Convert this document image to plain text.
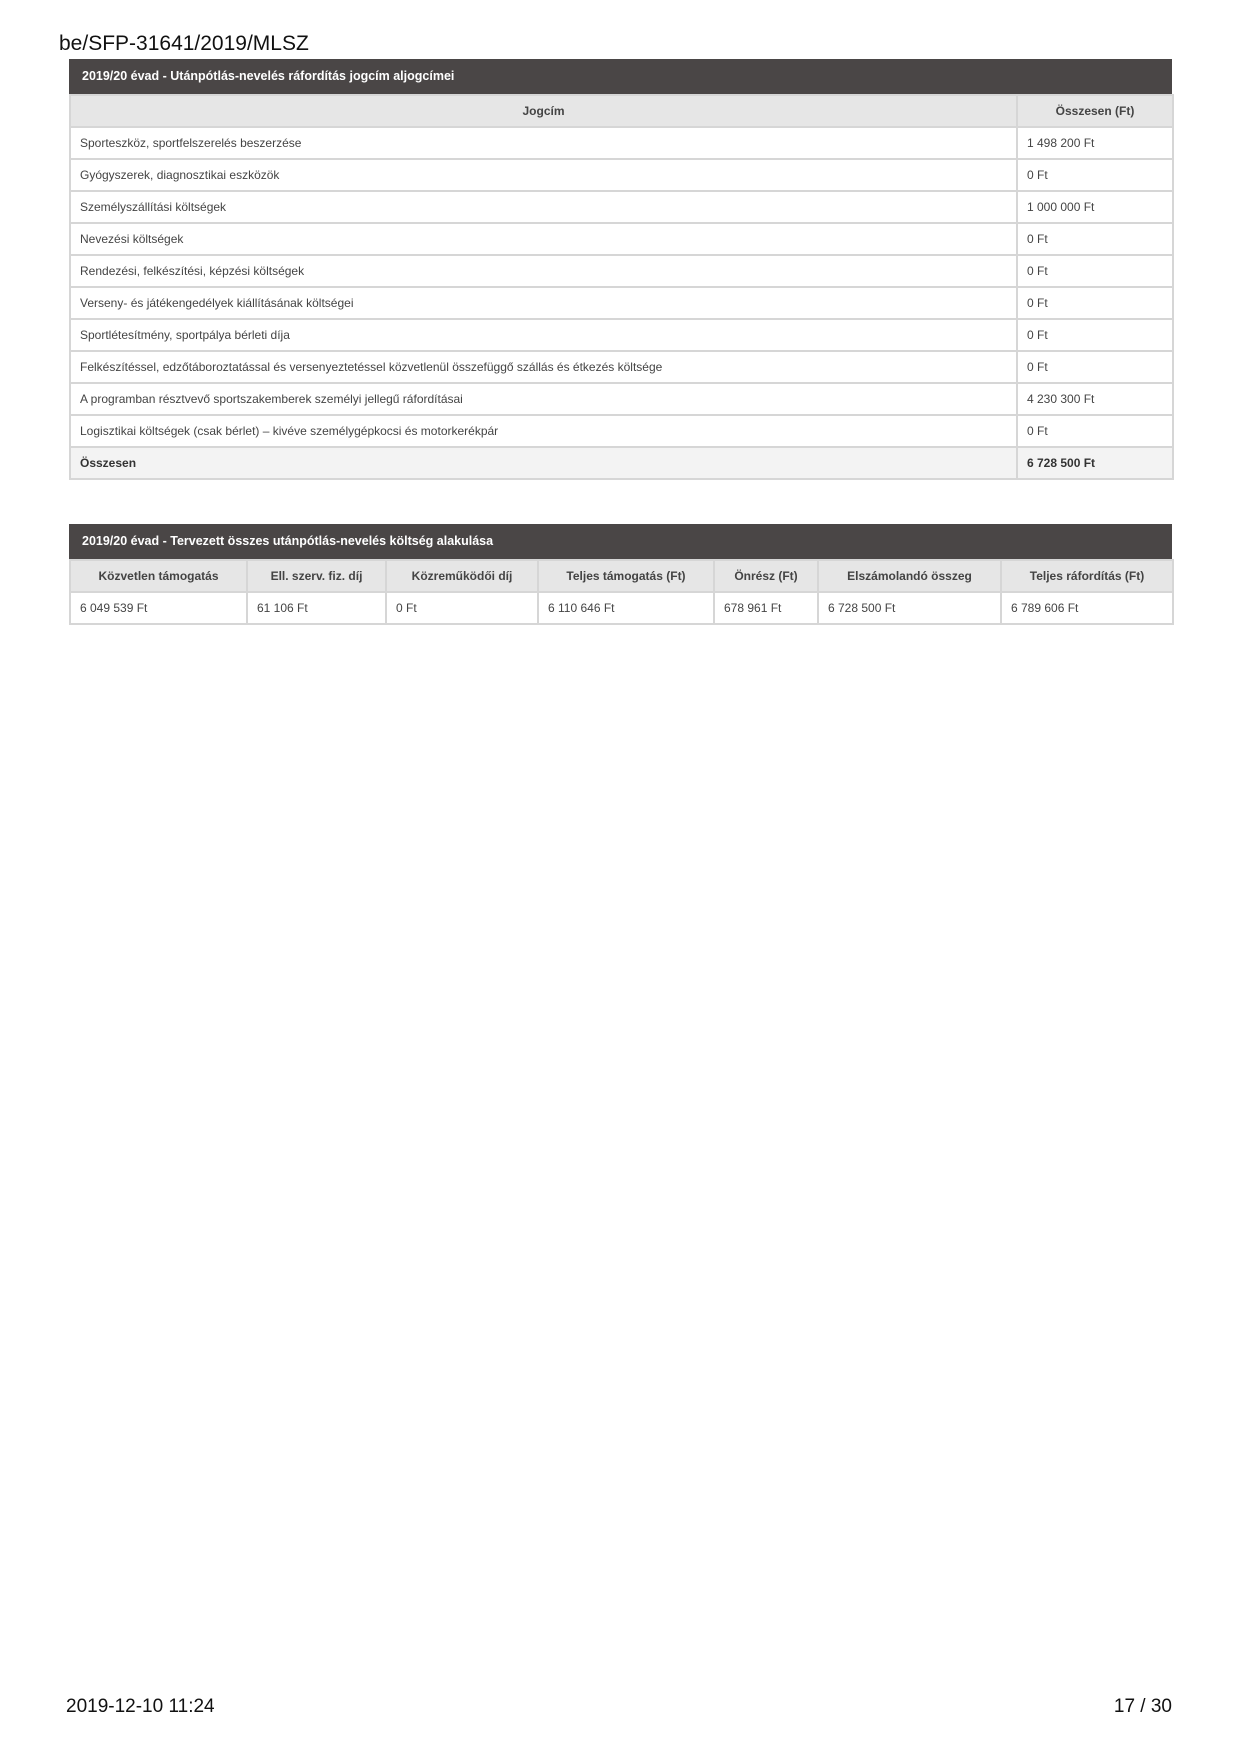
be/SFP-31641/2019/MLSZ
2019/20 évad - Utánpótlás-nevelés ráfordítás jogcím aljogcímei
Jogcím	Összesen (Ft)
Sporteszköz, sportfelszerelés beszerzése	1 498 200 Ft
Gyógyszerek, diagnosztikai eszközök	0 Ft
Személyszállítási költségek	1 000 000 Ft
Nevezési költségek	0 Ft
Rendezési, felkészítési, képzési költségek	0 Ft
Verseny- és játékengedélyek kiállításának költségei	0 Ft
Sportlétesítmény, sportpálya bérleti díja	0 Ft
Felkészítéssel, edzőtáboroztatással és versenyeztetéssel közvetlenül összefüggő szállás és étkezés költsége	0 Ft
A programban résztvevő sportszakemberek személyi jellegű ráfordításai	4 230 300 Ft
Logisztikai költségek (csak bérlet) – kivéve személygépkocsi és motorkerékpár	0 Ft
Összesen	6 728 500 Ft
2019/20 évad - Tervezett összes utánpótlás-nevelés költség alakulása
Közvetlen támogatás	Ell. szerv. fiz. díj	Közreműködői díj	Teljes támogatás (Ft)	Önrész (Ft)	Elszámolandó összeg	Teljes ráfordítás (Ft)
6 049 539 Ft	61 106 Ft	0 Ft	6 110 646 Ft	678 961 Ft	6 728 500 Ft	6 789 606 Ft
2019-12-10 11:24	17 / 30
